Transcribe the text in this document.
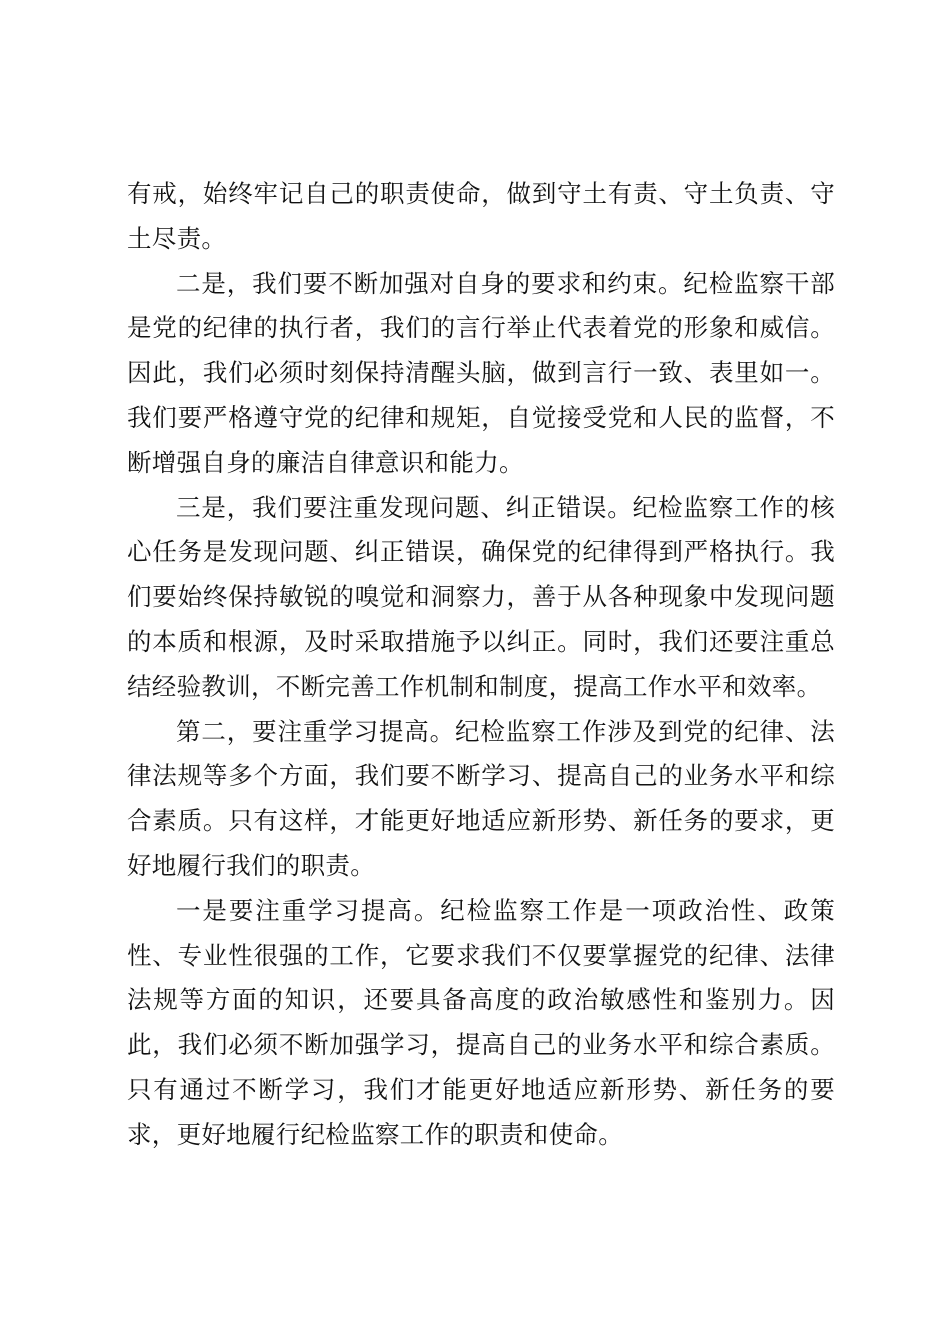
有戒，始终牢记自己的职责使命，做到守土有责、守土负责、守土尽责。

二是，我们要不断加强对自身的要求和约束。纪检监察干部是党的纪律的执行者，我们的言行举止代表着党的形象和威信。因此，我们必须时刻保持清醒头脑，做到言行一致、表里如一。我们要严格遵守党的纪律和规矩，自觉接受党和人民的监督，不断增强自身的廉洁自律意识和能力。

三是，我们要注重发现问题、纠正错误。纪检监察工作的核心任务是发现问题、纠正错误，确保党的纪律得到严格执行。我们要始终保持敏锐的嗅觉和洞察力，善于从各种现象中发现问题的本质和根源，及时采取措施予以纠正。同时，我们还要注重总结经验教训，不断完善工作机制和制度，提高工作水平和效率。

第二，要注重学习提高。纪检监察工作涉及到党的纪律、法律法规等多个方面，我们要不断学习、提高自己的业务水平和综合素质。只有这样，才能更好地适应新形势、新任务的要求，更好地履行我们的职责。

一是要注重学习提高。纪检监察工作是一项政治性、政策性、专业性很强的工作，它要求我们不仅要掌握党的纪律、法律法规等方面的知识，还要具备高度的政治敏感性和鉴别力。因此，我们必须不断加强学习，提高自己的业务水平和综合素质。只有通过不断学习，我们才能更好地适应新形势、新任务的要求，更好地履行纪检监察工作的职责和使命。
